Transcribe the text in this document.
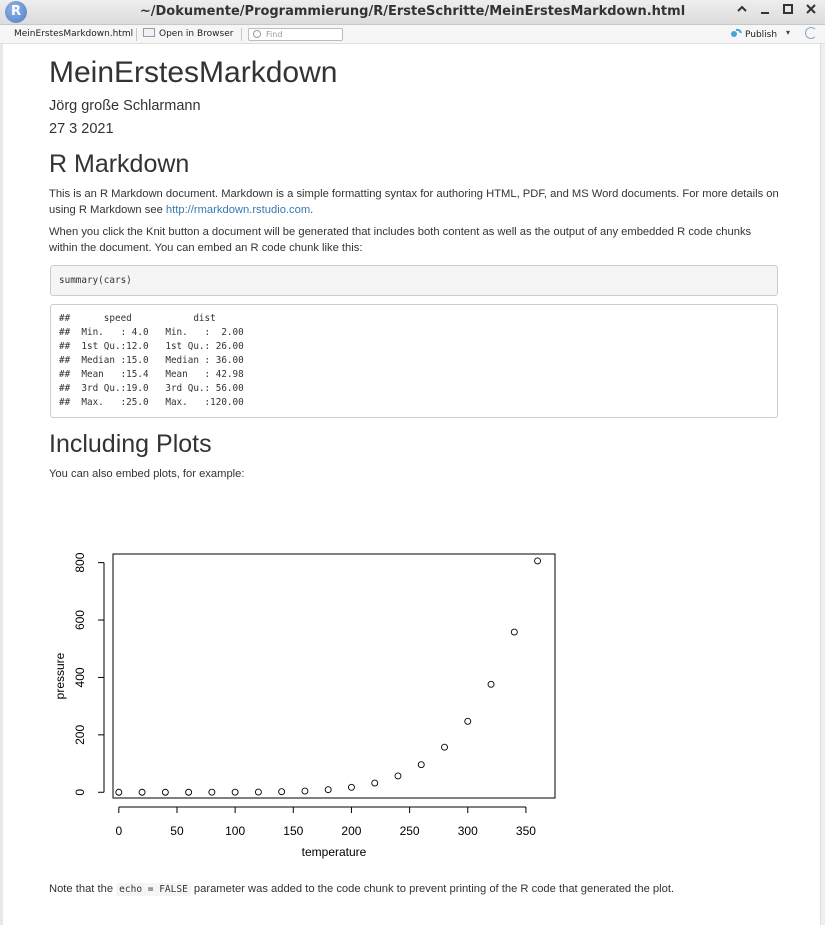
R	~/Dokumente/Programmierung/R/ErsteSchritte/MeinErstesMarkdown.html
MeinErstesMarkdown.html	Open in Browser	Find	Publish ▾
MeinErstesMarkdown
Jörg große Schlarmann
27 3 2021
R Markdown

This is an R Markdown document. Markdown is a simple formatting syntax for authoring HTML, PDF, and MS Word documents. For more details on using R Markdown see http://rmarkdown.rstudio.com.

When you click the Knit button a document will be generated that includes both content as well as the output of any embedded R code chunks within the document. You can embed an R code chunk like this:

summary(cars)
##      speed           dist
##  Min.   : 4.0   Min.   :  2.00
##  1st Qu.:12.0   1st Qu.: 26.00
##  Median :15.0   Median : 36.00
##  Mean   :15.4   Mean   : 42.98
##  3rd Qu.:19.0   3rd Qu.: 56.00
##  Max.   :25.0   Max.   :120.00
Including Plots

You can also embed plots, for example:

0	50	100	150	200	250	300	350
temperature
0
200
400
600
800
pressure

Note that the echo = FALSE parameter was added to the code chunk to prevent printing of the R code that generated the plot.
